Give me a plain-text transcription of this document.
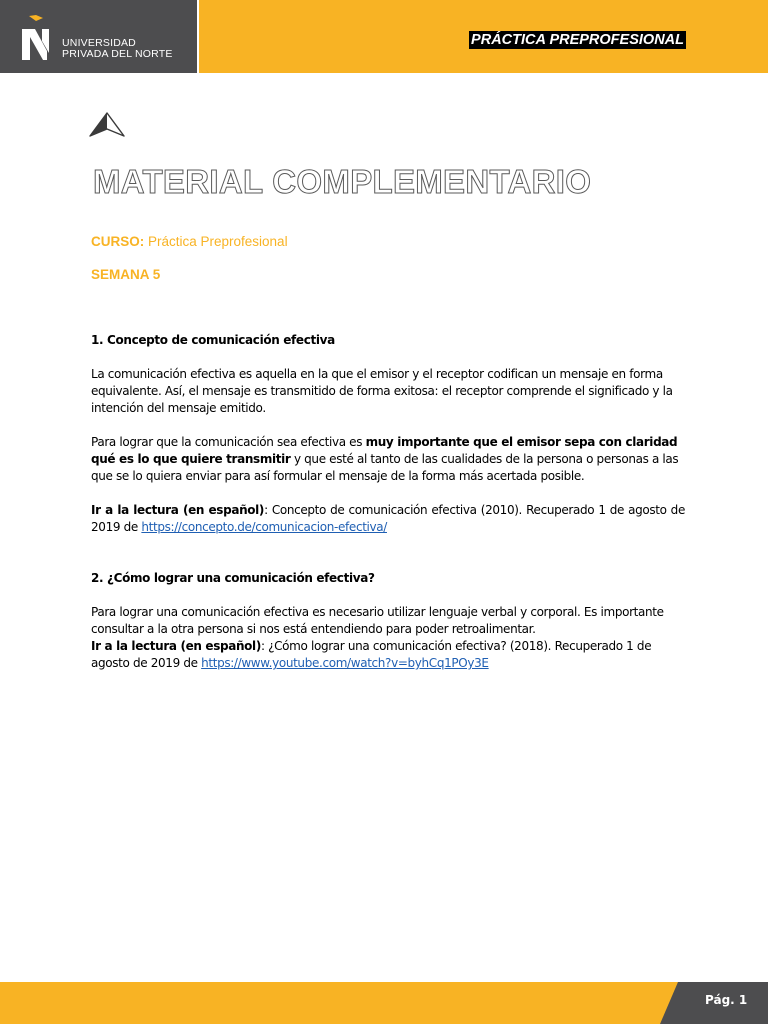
UNIVERSIDAD
PRIVADA DEL NORTE
PRÁCTICA PREPROFESIONAL
MATERIAL COMPLEMENTARIO
CURSO: Práctica Preprofesional
SEMANA 5

1. Concepto de comunicación efectiva

La comunicación efectiva es aquella en la que el emisor y el receptor codifican un mensaje en forma
equivalente. Así, el mensaje es transmitido de forma exitosa: el receptor comprende el significado y la
intención del mensaje emitido.

Para lograr que la comunicación sea efectiva es muy importante que el emisor sepa con claridad qué es lo que quiere transmitir y que esté al tanto de las cualidades de la persona o personas a las que se lo quiera enviar para así formular el mensaje de la forma más acertada posible.

Ir a la lectura (en español): Concepto de comunicación efectiva (2010). Recuperado 1 de agosto de 2019 de https://concepto.de/comunicacion-efectiva/

2. ¿Cómo lograr una comunicación efectiva?

Para lograr una comunicación efectiva es necesario utilizar lenguaje verbal y corporal. Es importante consultar a la otra persona si nos está entendiendo para poder retroalimentar.

Ir a la lectura (en español): ¿Cómo lograr una comunicación efectiva? (2018). Recuperado 1 de agosto de 2019 de https://www.youtube.com/watch?v=byhCq1POy3E

Pág. 1
